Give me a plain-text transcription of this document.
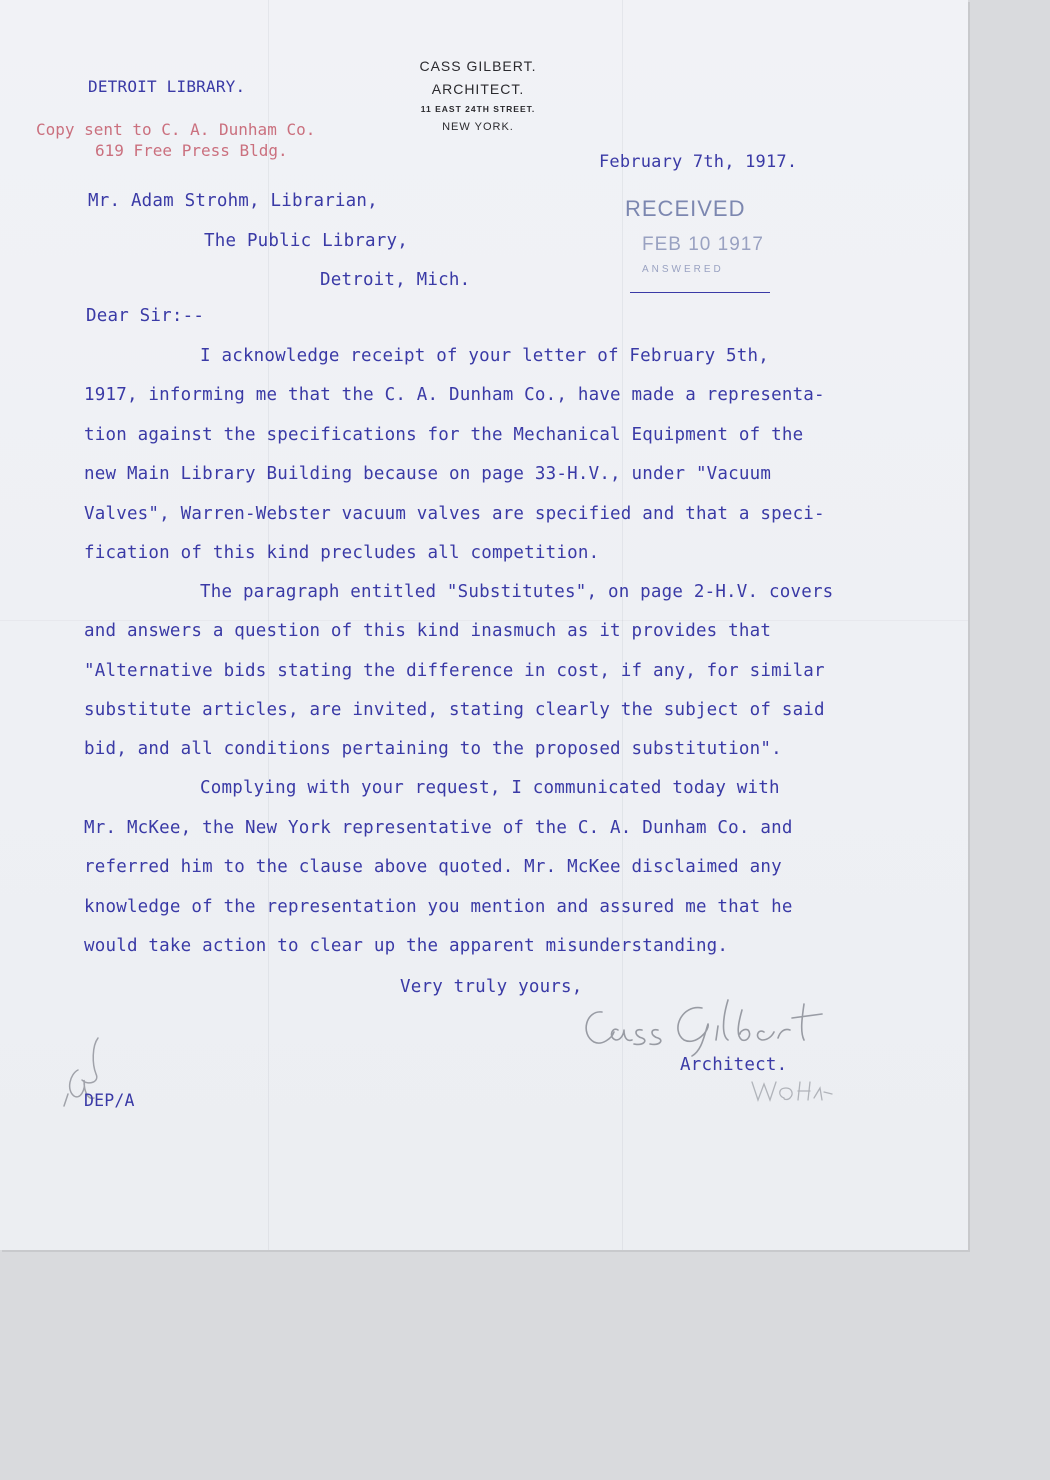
CASS GILBERT.
ARCHITECT.
11 EAST 24TH STREET.
NEW YORK.
DETROIT LIBRARY.
Copy sent to C. A. Dunham Co.
619 Free Press Bldg.
February 7th, 1917.
RECEIVED
FEB 10 1917
ANSWERED
Mr. Adam Strohm, Librarian,
The Public Library,
Detroit, Mich.
Dear Sir:--
I acknowledge receipt of your letter of February 5th,
1917, informing me that the C. A. Dunham Co., have made a representa-
tion against the specifications for the Mechanical Equipment of the
new Main Library Building because on page 33-H.V., under "Vacuum
Valves", Warren-Webster vacuum valves are specified and that a speci-
fication of this kind precludes all competition.
The paragraph entitled "Substitutes", on page 2-H.V. covers
and answers a question of this kind inasmuch as it provides that
"Alternative bids stating the difference in cost, if any, for similar
substitute articles, are invited, stating clearly the subject of said
bid, and all conditions pertaining to the proposed substitution".
Complying with your request, I communicated today with
Mr. McKee, the New York representative of the C. A. Dunham Co. and
referred him to the clause above quoted. Mr. McKee disclaimed any
knowledge of the representation you mention and assured me that he
would take action to clear up the apparent misunderstanding.
Very truly yours,
Architect.
DEP/A
